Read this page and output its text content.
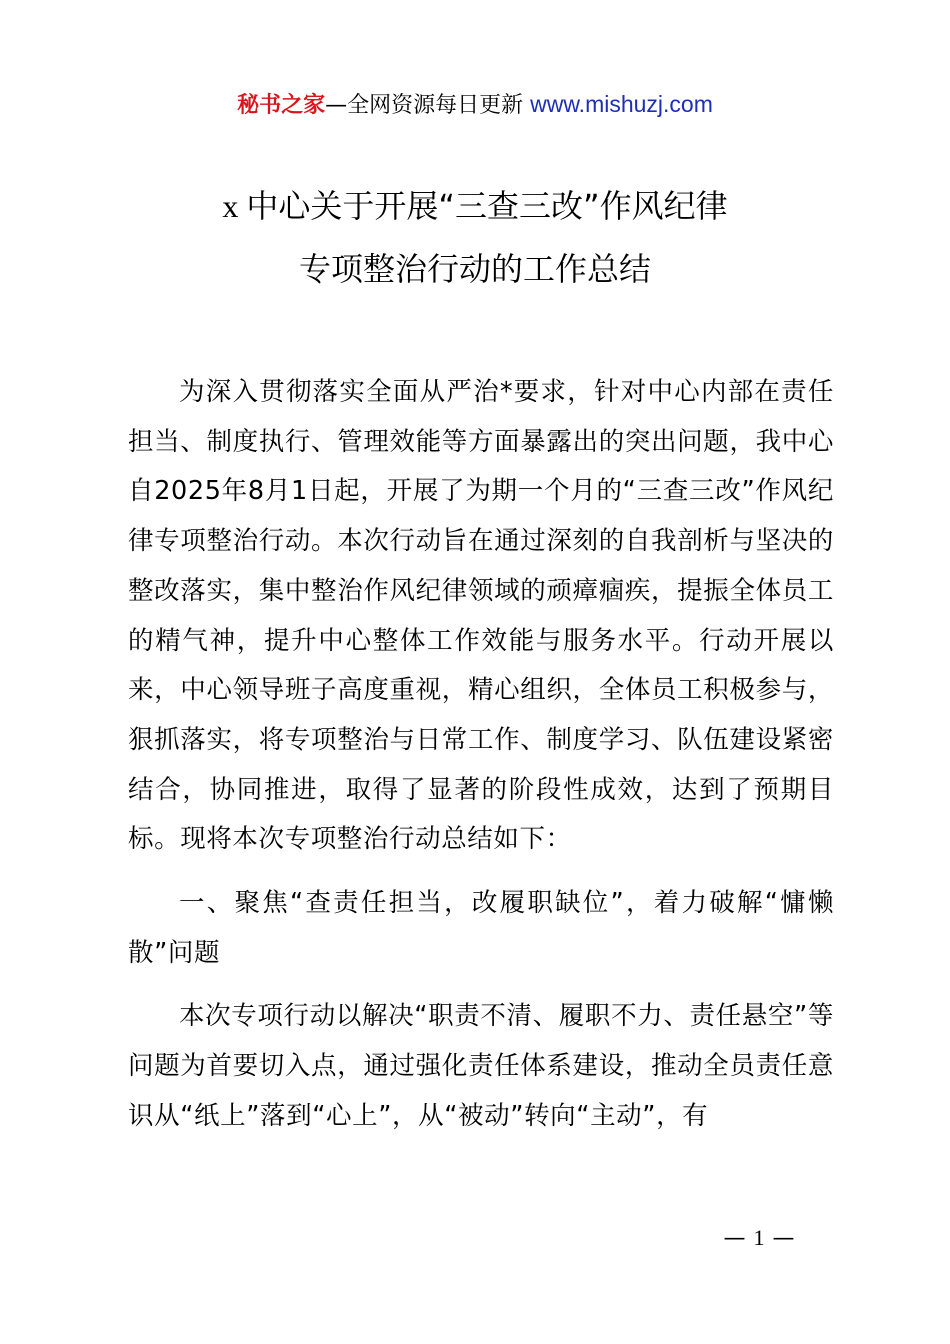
秘书之家—全网资源每日更新 www.mishuzj.com
x 中心关于开展“三查三改”作风纪律
专项整治行动的工作总结

为深入贯彻落实全面从严治*要求，针对中心内部在责任担当、制度执行、管理效能等方面暴露出的突出问题，我中心自2025年8月1日起，开展了为期一个月的“三查三改”作风纪律专项整治行动。本次行动旨在通过深刻的自我剖析与坚决的整改落实，集中整治作风纪律领域的顽瘴痼疾，提振全体员工的精气神，提升中心整体工作效能与服务水平。行动开展以来，中心领导班子高度重视，精心组织，全体员工积极参与，狠抓落实，将专项整治与日常工作、制度学习、队伍建设紧密结合，协同推进，取得了显著的阶段性成效，达到了预期目标。现将本次专项整治行动总结如下：

一、聚焦“查责任担当，改履职缺位”，着力破解“慵懒散”问题

本次专项行动以解决“职责不清、履职不力、责任悬空”等问题为首要切入点，通过强化责任体系建设，推动全员责任意识从“纸上”落到“心上”，从“被动”转向“主动”，有

— 1 —
